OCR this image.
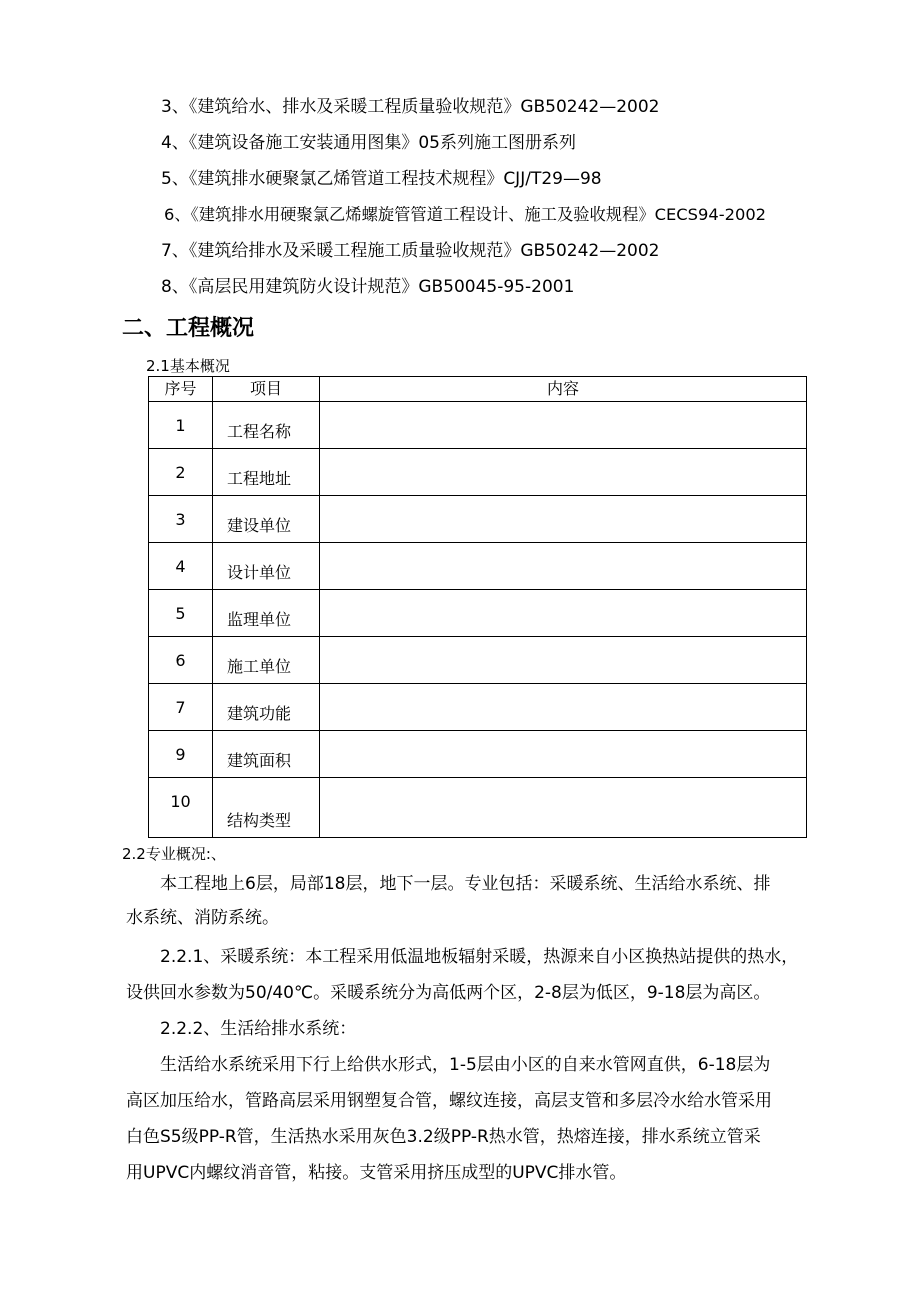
3、《建筑给水、排水及采暖工程质量验收规范》GB50242—2002
4、《建筑设备施工安装通用图集》05系列施工图册系列
5、《建筑排水硬聚氯乙烯管道工程技术规程》CJJ/T29—98
6、《建筑排水用硬聚氯乙烯螺旋管管道工程设计、施工及验收规程》CECS94-2002
7、《建筑给排水及采暖工程施工质量验收规范》GB50242—2002
8、《高层民用建筑防火设计规范》GB50045-95-2001
二、工程概况
2.1基本概况
序号	项目	内容
1	工程名称	
2	工程地址	
3	建设单位	
4	设计单位	
5	监理单位	
6	施工单位	
7	建筑功能	
9	建筑面积	
10	结构类型	
2.2专业概况:、
本工程地上6层，局部18层，地下一层。专业包括：采暖系统、生活给水系统、排
水系统、消防系统。
2.2.1、采暖系统：本工程采用低温地板辐射采暖，热源来自小区换热站提供的热水，
设供回水参数为50/40℃。采暖系统分为高低两个区，2-8层为低区，9-18层为高区。
2.2.2、生活给排水系统：
生活给水系统采用下行上给供水形式，1-5层由小区的自来水管网直供，6-18层为
高区加压给水，管路高层采用钢塑复合管，螺纹连接，高层支管和多层冷水给水管采用
白色S5级PP-R管，生活热水采用灰色3.2级PP-R热水管，热熔连接，排水系统立管采
用UPVC内螺纹消音管，粘接。支管采用挤压成型的UPVC排水管。
